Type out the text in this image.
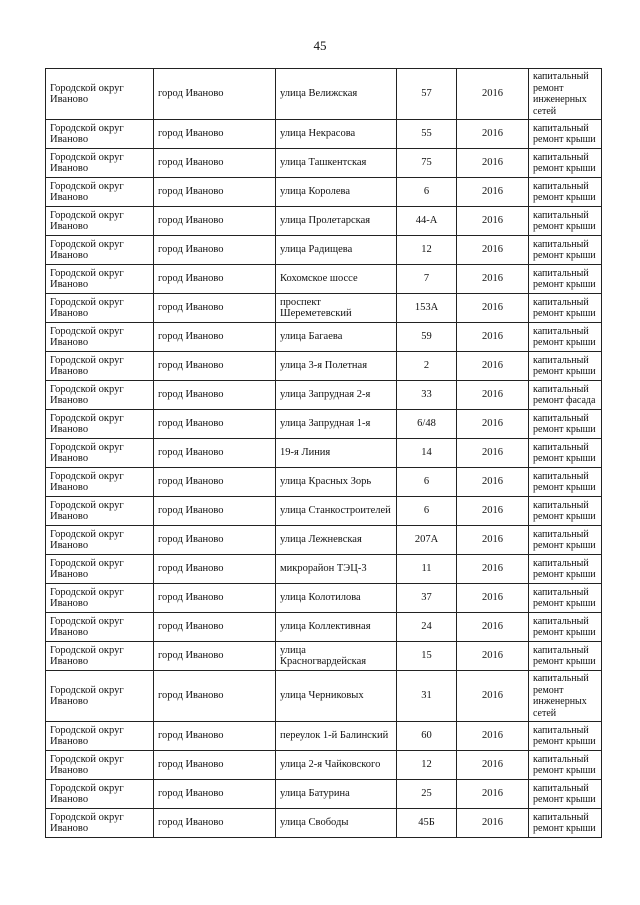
45
Городской округ Иваново	город Иваново	улица Велижская	57	2016	капитальный ремонт инженерных сетей
Городской округ Иваново	город Иваново	улица Некрасова	55	2016	капитальный ремонт крыши
Городской округ Иваново	город Иваново	улица Ташкентская	75	2016	капитальный ремонт крыши
Городской округ Иваново	город Иваново	улица Королева	6	2016	капитальный ремонт крыши
Городской округ Иваново	город Иваново	улица Пролетарская	44-А	2016	капитальный ремонт крыши
Городской округ Иваново	город Иваново	улица Радищева	12	2016	капитальный ремонт крыши
Городской округ Иваново	город Иваново	Кохомское шоссе	7	2016	капитальный ремонт крыши
Городской округ Иваново	город Иваново	проспект Шереметевский	153А	2016	капитальный ремонт крыши
Городской округ Иваново	город Иваново	улица Багаева	59	2016	капитальный ремонт крыши
Городской округ Иваново	город Иваново	улица 3-я Полетная	2	2016	капитальный ремонт крыши
Городской округ Иваново	город Иваново	улица Запрудная 2-я	33	2016	капитальный ремонт фасада
Городской округ Иваново	город Иваново	улица Запрудная 1-я	6/48	2016	капитальный ремонт крыши
Городской округ Иваново	город Иваново	19-я Линия	14	2016	капитальный ремонт крыши
Городской округ Иваново	город Иваново	улица Красных Зорь	6	2016	капитальный ремонт крыши
Городской округ Иваново	город Иваново	улица Станкостроителей	6	2016	капитальный ремонт крыши
Городской округ Иваново	город Иваново	улица Лежневская	207А	2016	капитальный ремонт крыши
Городской округ Иваново	город Иваново	микрорайон ТЭЦ-3	11	2016	капитальный ремонт крыши
Городской округ Иваново	город Иваново	улица Колотилова	37	2016	капитальный ремонт крыши
Городской округ Иваново	город Иваново	улица Коллективная	24	2016	капитальный ремонт крыши
Городской округ Иваново	город Иваново	улица Красногвардейская	15	2016	капитальный ремонт крыши
Городской округ Иваново	город Иваново	улица Черниковых	31	2016	капитальный ремонт инженерных сетей
Городской округ Иваново	город Иваново	переулок 1-й Балинский	60	2016	капитальный ремонт крыши
Городской округ Иваново	город Иваново	улица 2-я Чайковского	12	2016	капитальный ремонт крыши
Городской округ Иваново	город Иваново	улица Батурина	25	2016	капитальный ремонт крыши
Городской округ Иваново	город Иваново	улица Свободы	45Б	2016	капитальный ремонт крыши
